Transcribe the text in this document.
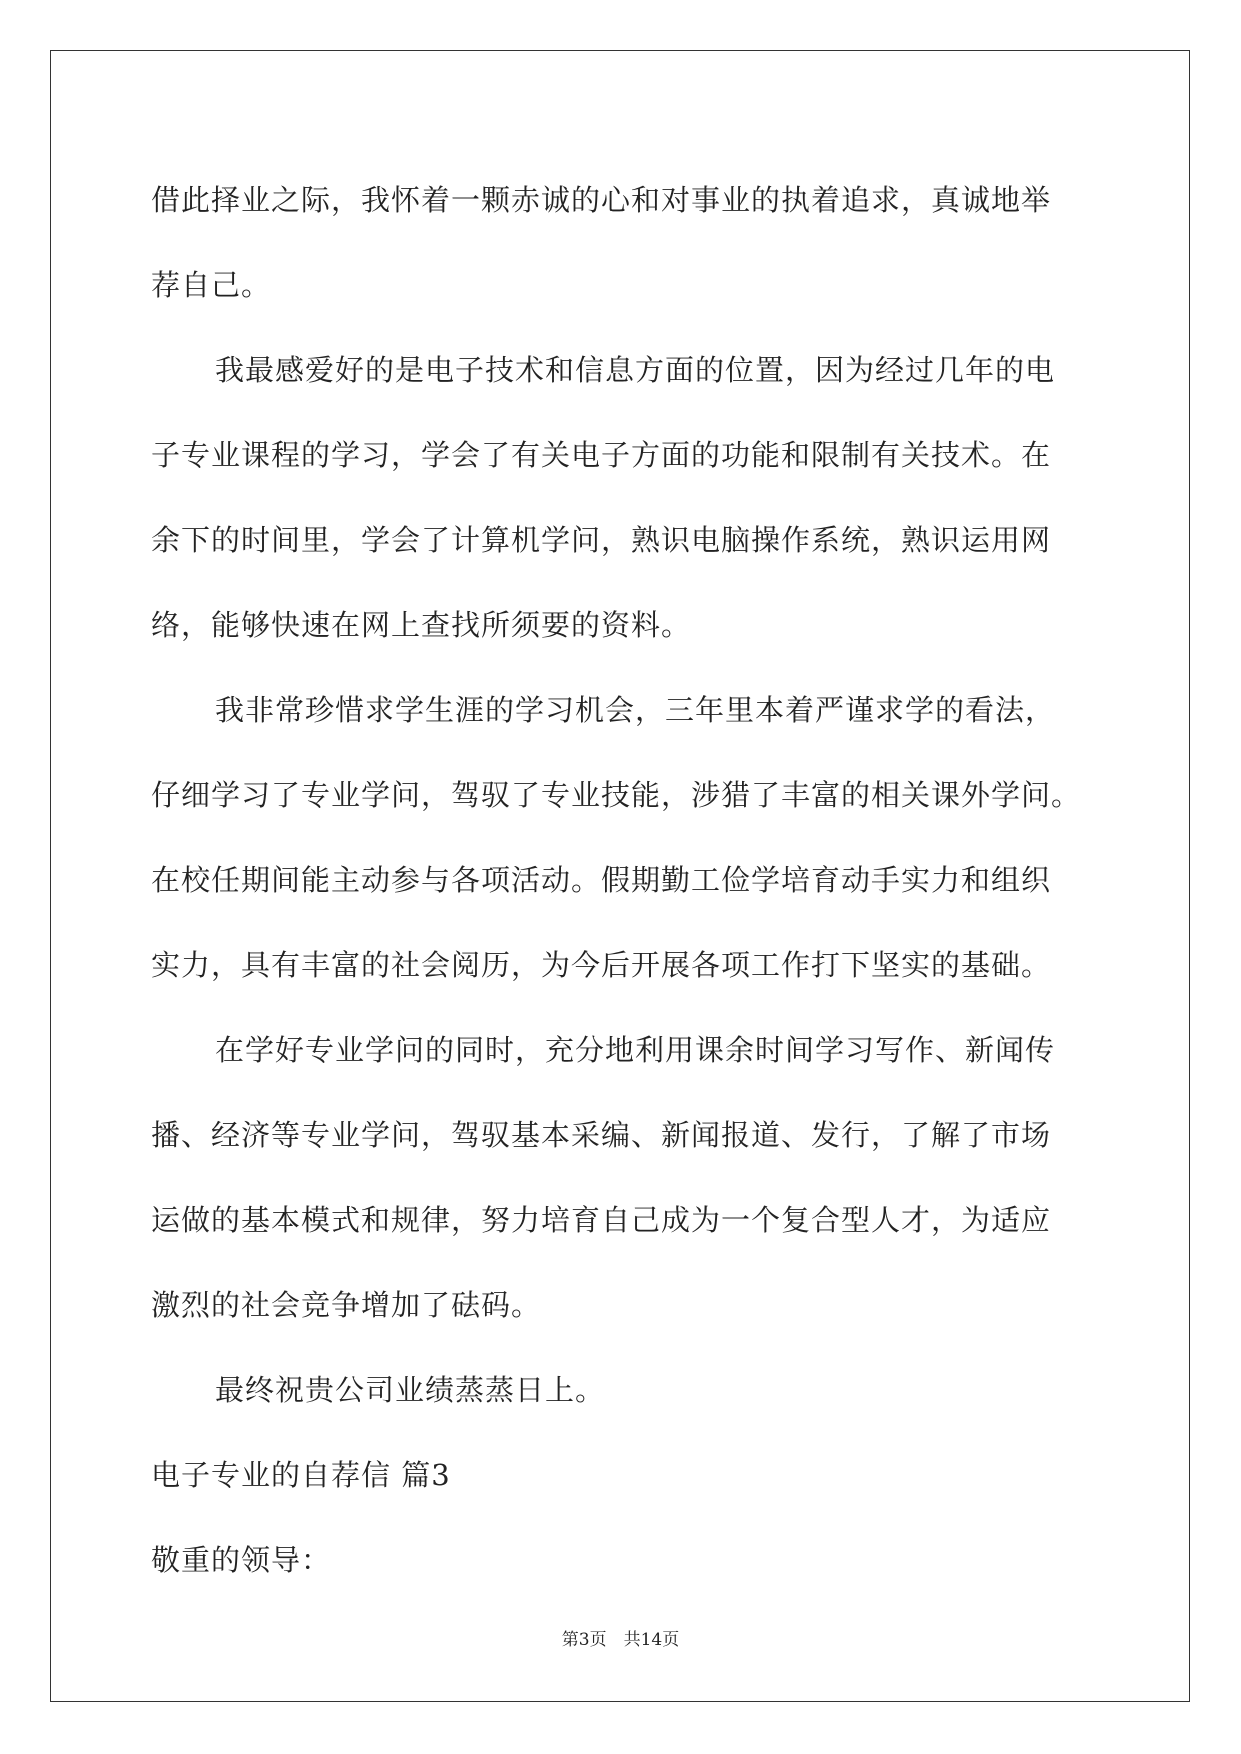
借此择业之际，我怀着一颗赤诚的心和对事业的执着追求，真诚地举
荐自己。
我最感爱好的是电子技术和信息方面的位置，因为经过几年的电
子专业课程的学习，学会了有关电子方面的功能和限制有关技术。在
余下的时间里，学会了计算机学问，熟识电脑操作系统，熟识运用网
络，能够快速在网上查找所须要的资料。
我非常珍惜求学生涯的学习机会，三年里本着严谨求学的看法，
仔细学习了专业学问，驾驭了专业技能，涉猎了丰富的相关课外学问。
在校任期间能主动参与各项活动。假期勤工俭学培育动手实力和组织
实力，具有丰富的社会阅历，为今后开展各项工作打下坚实的基础。
在学好专业学问的同时，充分地利用课余时间学习写作、新闻传
播、经济等专业学问，驾驭基本采编、新闻报道、发行，了解了市场
运做的基本模式和规律，努力培育自己成为一个复合型人才，为适应
激烈的社会竞争增加了砝码。
最终祝贵公司业绩蒸蒸日上。
电子专业的自荐信 篇3
敬重的领导：
第3页　共14页
